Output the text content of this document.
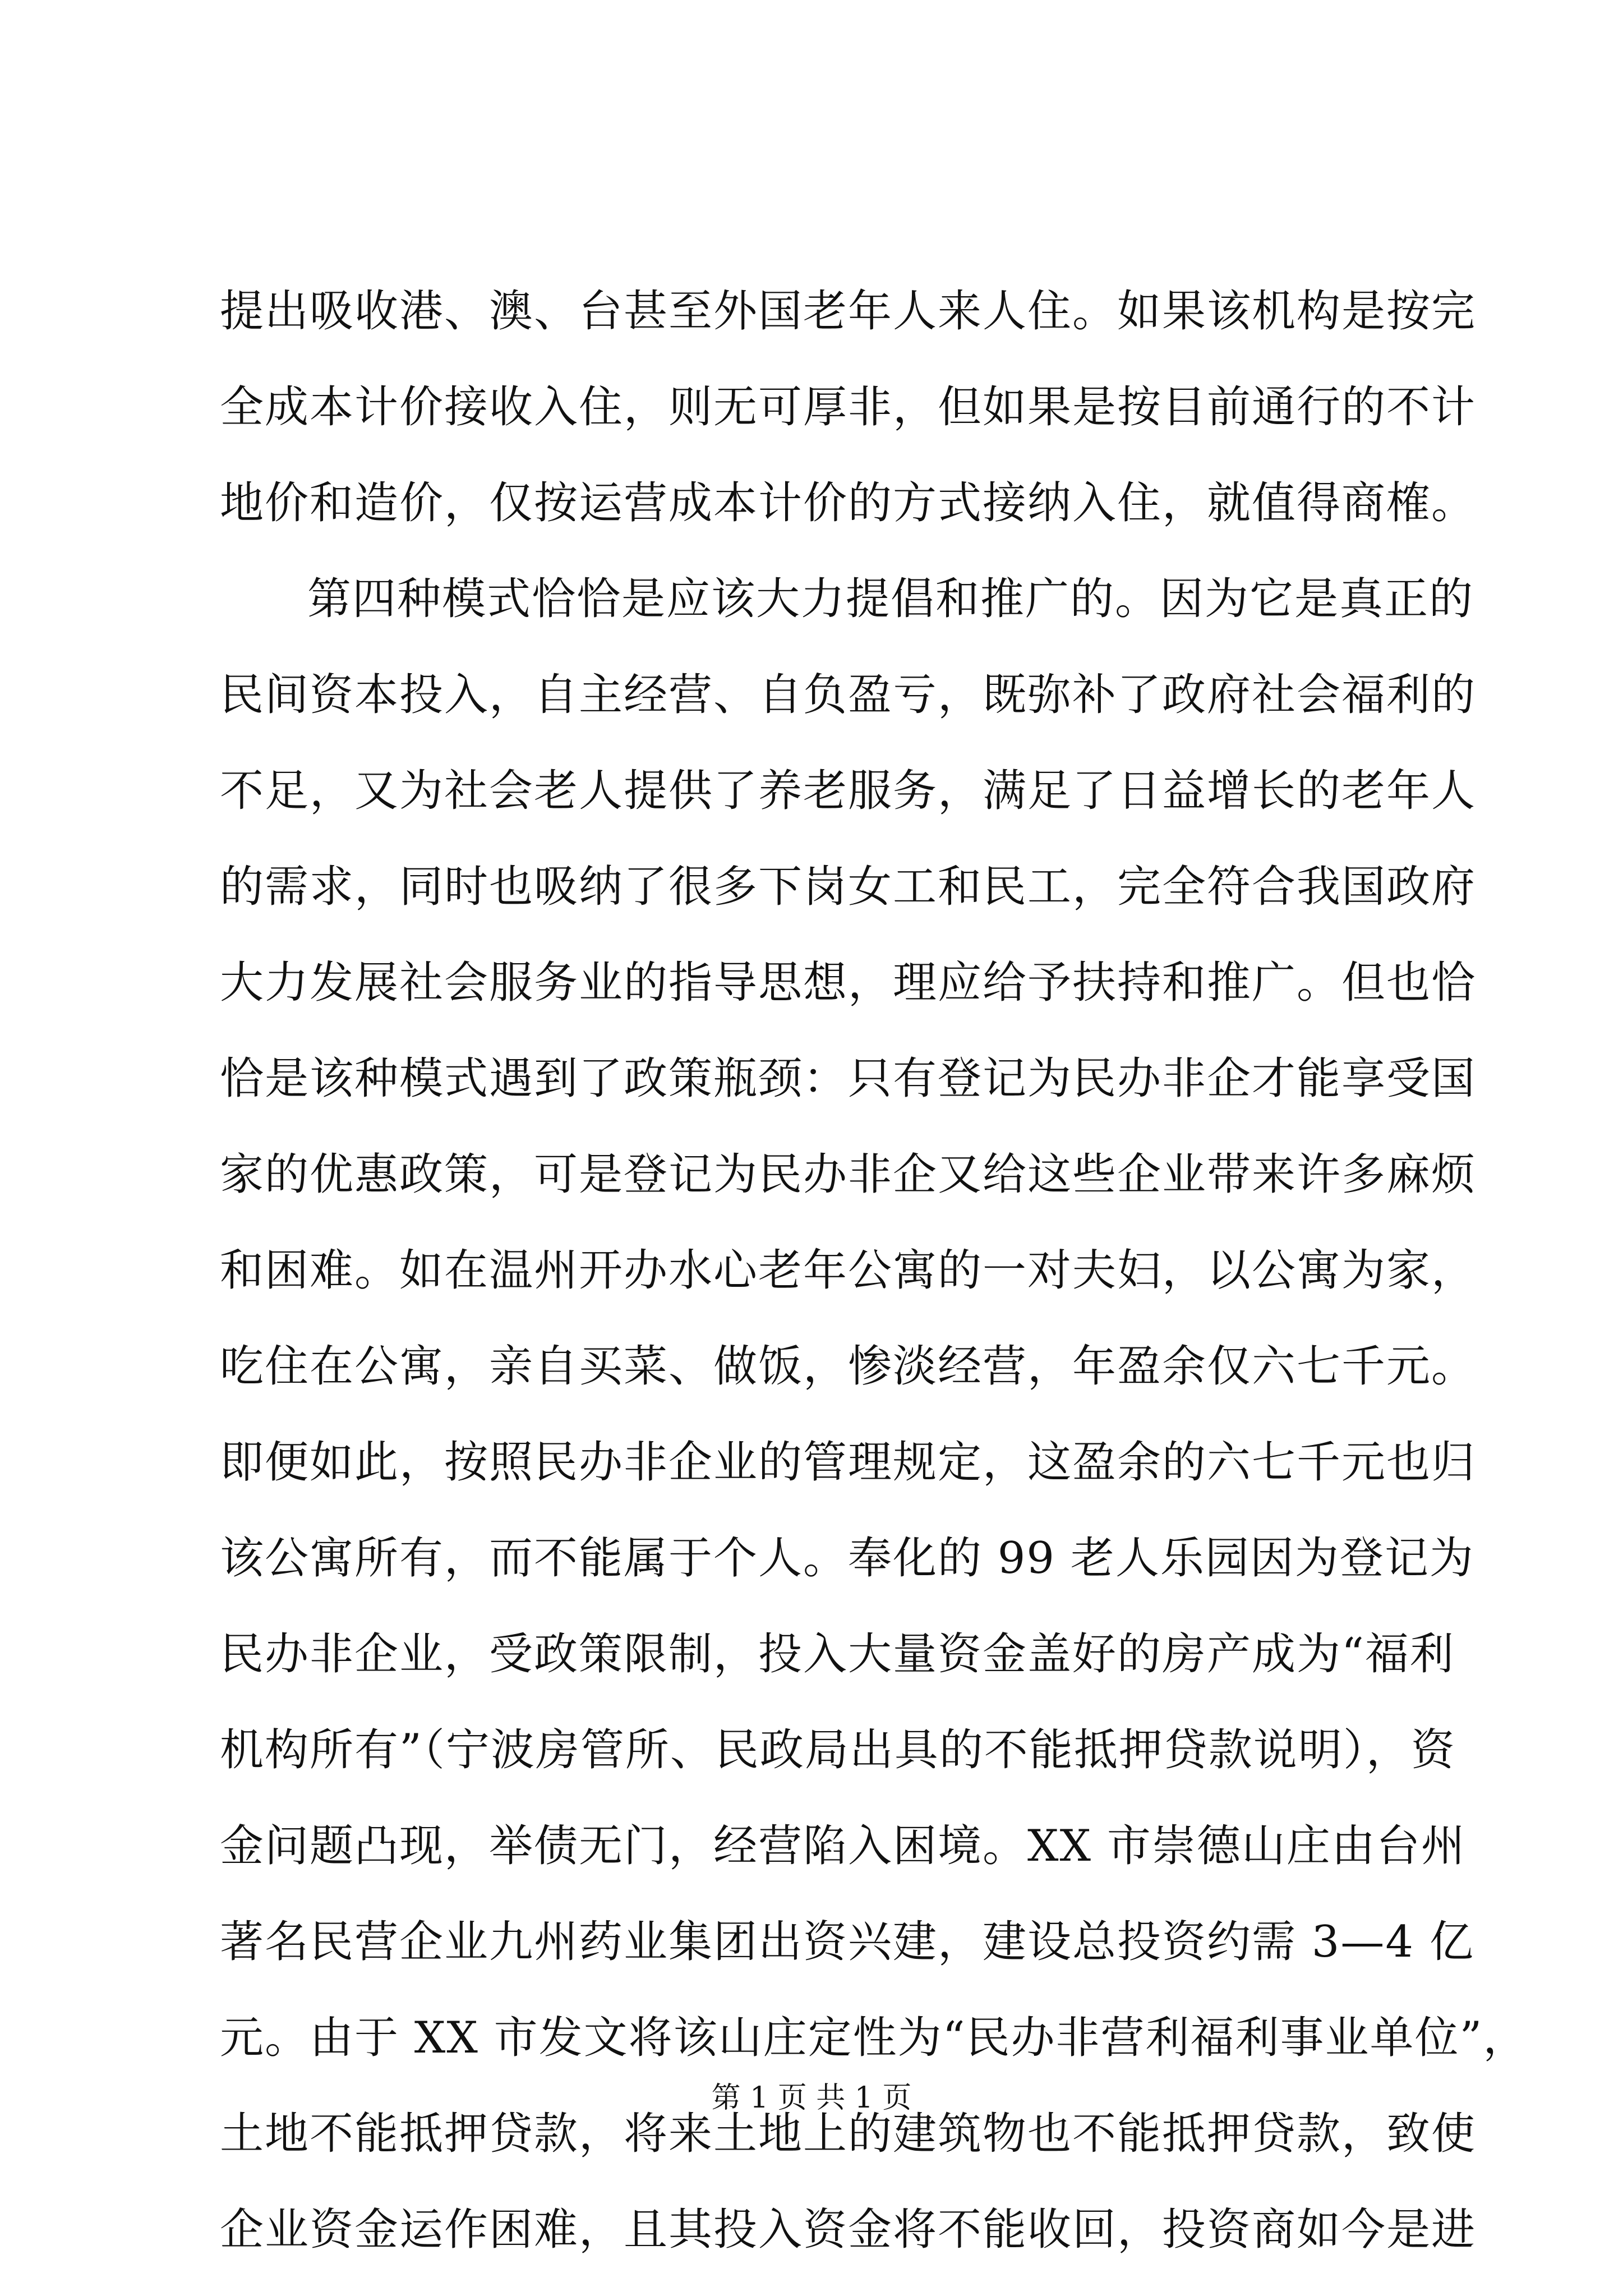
提出吸收港、澳、台甚至外国老年人来人住。如果该机构是按完
全成本计价接收入住，则无可厚非，但如果是按目前通行的不计
地价和造价，仅按运营成本计价的方式接纳入住，就值得商榷。
第四种模式恰恰是应该大力提倡和推广的。因为它是真正的
民间资本投入，自主经营、自负盈亏，既弥补了政府社会福利的
不足，又为社会老人提供了养老服务，满足了日益增长的老年人
的需求，同时也吸纳了很多下岗女工和民工，完全符合我国政府
大力发展社会服务业的指导思想，理应给予扶持和推广。但也恰
恰是该种模式遇到了政策瓶颈：只有登记为民办非企才能享受国
家的优惠政策，可是登记为民办非企又给这些企业带来许多麻烦
和困难。如在温州开办水心老年公寓的一对夫妇，以公寓为家，
吃住在公寓，亲自买菜、做饭，惨淡经营，年盈余仅六七千元。
即便如此，按照民办非企业的管理规定，这盈余的六七千元也归
该公寓所有，而不能属于个人。奉化的 99 老人乐园因为登记为
民办非企业，受政策限制，投入大量资金盖好的房产成为“福利
机构所有”（宁波房管所、民政局出具的不能抵押贷款说明），资
金问题凸现，举债无门，经营陷入困境。XX 市崇德山庄由台州
著名民营企业九州药业集团出资兴建，建设总投资约需 3—4 亿
元。由于 XX 市发文将该山庄定性为“民办非营利福利事业单位”，
土地不能抵押贷款，将来土地上的建筑物也不能抵押贷款，致使
企业资金运作困难，且其投入资金将不能收回，投资商如今是进
第 1 页 共 1 页
